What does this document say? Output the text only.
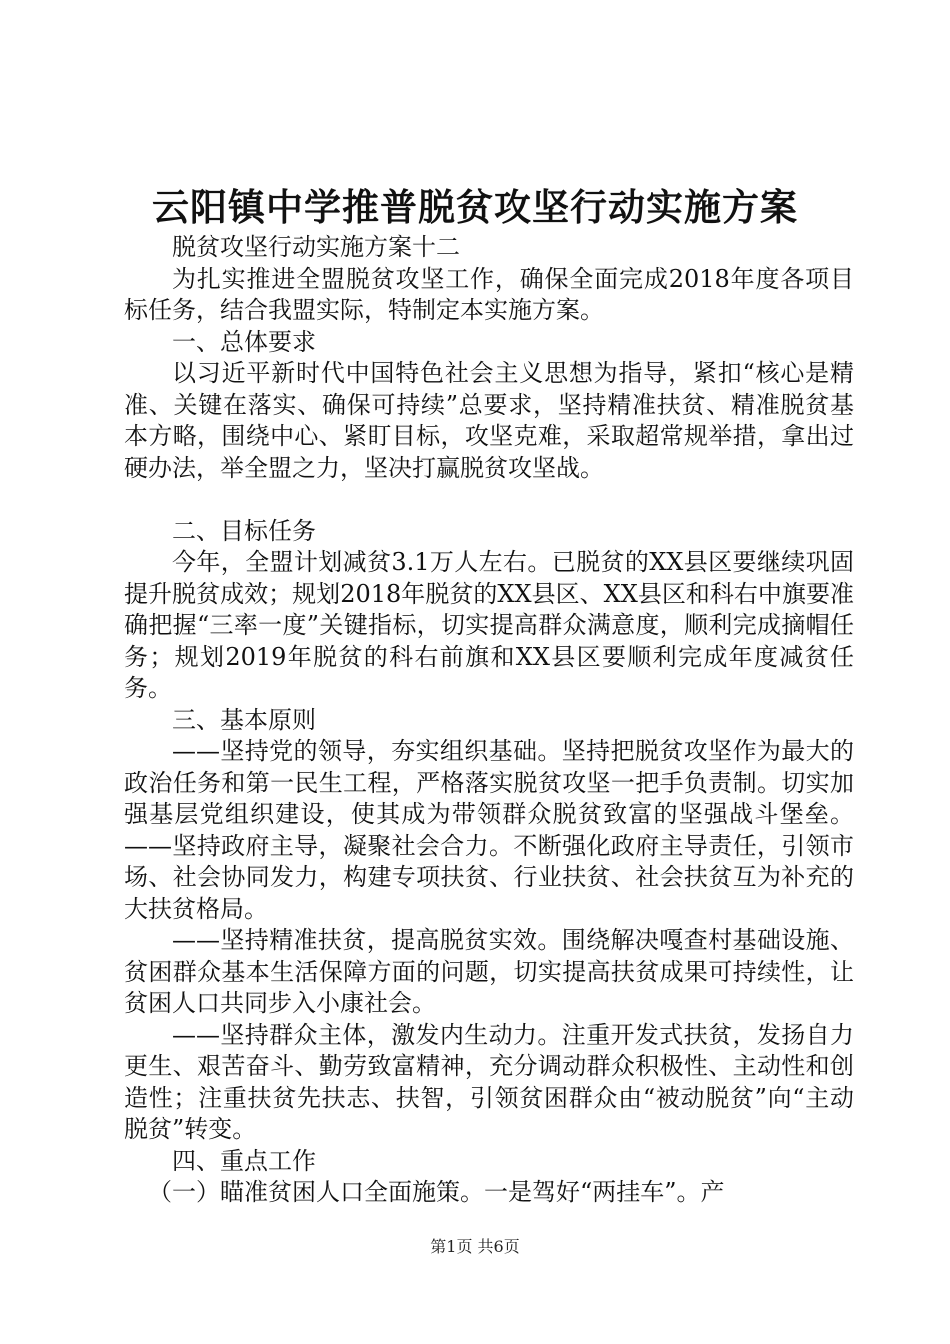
云阳镇中学推普脱贫攻坚行动实施方案

脱贫攻坚行动实施方案十二

为扎实推进全盟脱贫攻坚工作，确保全面完成2018年度各项目标任务，结合我盟实际，特制定本实施方案。

一、总体要求

以习近平新时代中国特色社会主义思想为指导，紧扣“核心是精准、关键在落实、确保可持续”总要求，坚持精准扶贫、精准脱贫基本方略，围绕中心、紧盯目标，攻坚克难，采取超常规举措，拿出过硬办法，举全盟之力，坚决打赢脱贫攻坚战。

二、目标任务

今年，全盟计划减贫3.1万人左右。已脱贫的XX县区要继续巩固提升脱贫成效；规划2018年脱贫的XX县区、XX县区和科右中旗要准确把握“三率一度”关键指标，切实提高群众满意度，顺利完成摘帽任务；规划2019年脱贫的科右前旗和XX县区要顺利完成年度减贫任务。

三、基本原则

——坚持党的领导，夯实组织基础。坚持把脱贫攻坚作为最大的政治任务和第一民生工程，严格落实脱贫攻坚一把手负责制。切实加强基层党组织建设，使其成为带领群众脱贫致富的坚强战斗堡垒。——坚持政府主导，凝聚社会合力。不断强化政府主导责任，引领市场、社会协同发力，构建专项扶贫、行业扶贫、社会扶贫互为补充的大扶贫格局。

——坚持精准扶贫，提高脱贫实效。围绕解决嘎查村基础设施、贫困群众基本生活保障方面的问题，切实提高扶贫成果可持续性，让贫困人口共同步入小康社会。

——坚持群众主体，激发内生动力。注重开发式扶贫，发扬自力更生、艰苦奋斗、勤劳致富精神，充分调动群众积极性、主动性和创造性；注重扶贫先扶志、扶智，引领贫困群众由“被动脱贫”向“主动脱贫”转变。

四、重点工作

（一）瞄准贫困人口全面施策。一是驾好“两挂车”。产

第1页 共6页
